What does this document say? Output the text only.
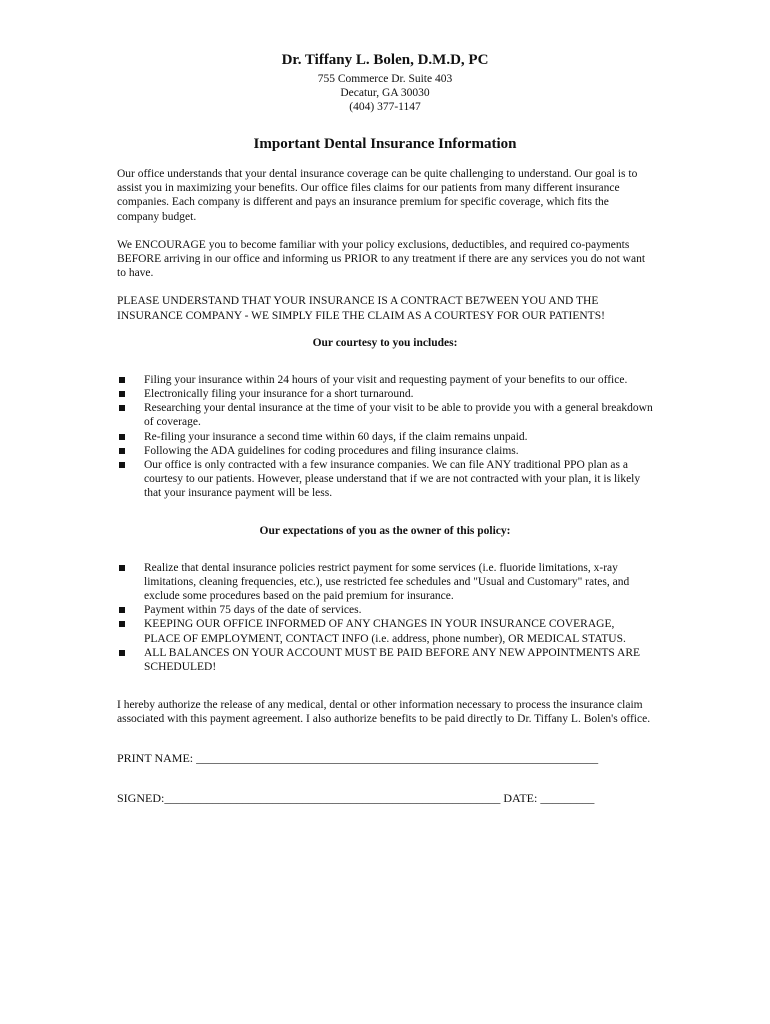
Dr. Tiffany L. Bolen, D.M.D, PC
755 Commerce Dr. Suite 403
Decatur, GA 30030
(404) 377-1147
Important Dental Insurance Information

Our office understands that your dental insurance coverage can be quite challenging to understand. Our goal is to assist you in maximizing your benefits. Our office files claims for our patients from many different insurance companies. Each company is different and pays an insurance premium for specific coverage, which fits the company budget.

We ENCOURAGE you to become familiar with your policy exclusions, deductibles, and required co-payments BEFORE arriving in our office and informing us PRIOR to any treatment if there are any services you do not want to have.

PLEASE UNDERSTAND THAT YOUR INSURANCE IS A CONTRACT BE7WEEN YOU AND THE INSURANCE COMPANY - WE SIMPLY FILE THE CLAIM AS A COURTESY FOR OUR PATIENTS!

Our courtesy to you includes:
Filing your insurance within 24 hours of your visit and requesting payment of your benefits to our office.
Electronically filing your insurance for a short turnaround.
Researching your dental insurance at the time of your visit to be able to provide you with a general breakdown of coverage.
Re-filing your insurance a second time within 60 days, if the claim remains unpaid.
Following the ADA guidelines for coding procedures and filing insurance claims.
Our office is only contracted with a few insurance companies. We can file ANY traditional PPO plan as a courtesy to our patients. However, please understand that if we are not contracted with your plan, it is likely that your insurance payment will be less.
Our expectations of you as the owner of this policy:
Realize that dental insurance policies restrict payment for some services (i.e. fluoride limitations, x-ray limitations, cleaning frequencies, etc.), use restricted fee schedules and "Usual and Customary" rates, and exclude some procedures based on the paid premium for insurance.
Payment within 75 days of the date of services.
KEEPING OUR OFFICE INFORMED OF ANY CHANGES IN YOUR INSURANCE COVERAGE, PLACE OF EMPLOYMENT, CONTACT INFO (i.e. address, phone number), OR MEDICAL STATUS.
ALL BALANCES ON YOUR ACCOUNT MUST BE PAID BEFORE ANY NEW APPOINTMENTS ARE SCHEDULED!

I hereby authorize the release of any medical, dental or other information necessary to process the insurance claim associated with this payment agreement. I also authorize benefits to be paid directly to Dr. Tiffany L. Bolen's office.

PRINT NAME: ___________________________________________________________________
SIGNED:________________________________________________________ DATE: _________
